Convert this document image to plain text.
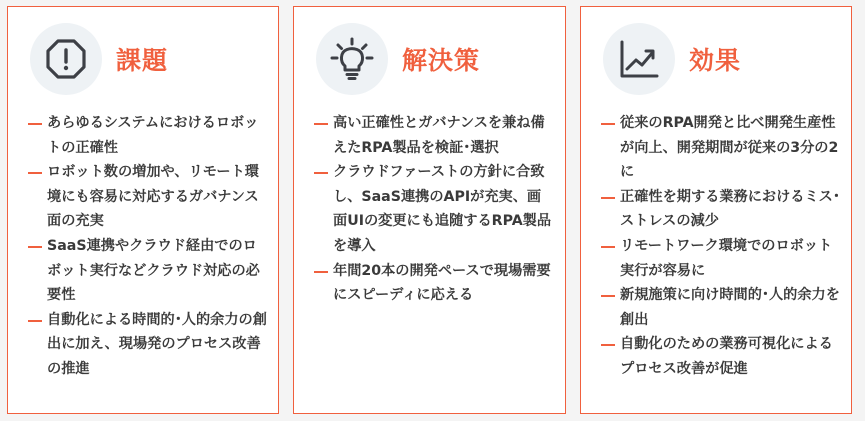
課題
あらゆるシステムにおけるロボットの正確性
ロボット数の増加や、リモート環境にも容易に対応するガバナンス面の充実
SaaS連携やクラウド経由でのロボット実行などクラウド対応の必要性
自動化による時間的･人的余力の創出に加え、現場発のプロセス改善の推進
解決策
高い正確性とガバナンスを兼ね備えたRPA製品を検証･選択
クラウドファーストの方針に合致し、SaaS連携のAPIが充実、画面UIの変更にも追随するRPA製品を導入
年間20本の開発ペースで現場需要にスピーディに応える
効果
従来のRPA開発と比べ開発生産性が向上、開発期間が従来の3分の2に
正確性を期する業務におけるミス･ストレスの減少
リモートワーク環境でのロボット実行が容易に
新規施策に向け時間的･人的余力を創出
自動化のための業務可視化によるプロセス改善が促進
